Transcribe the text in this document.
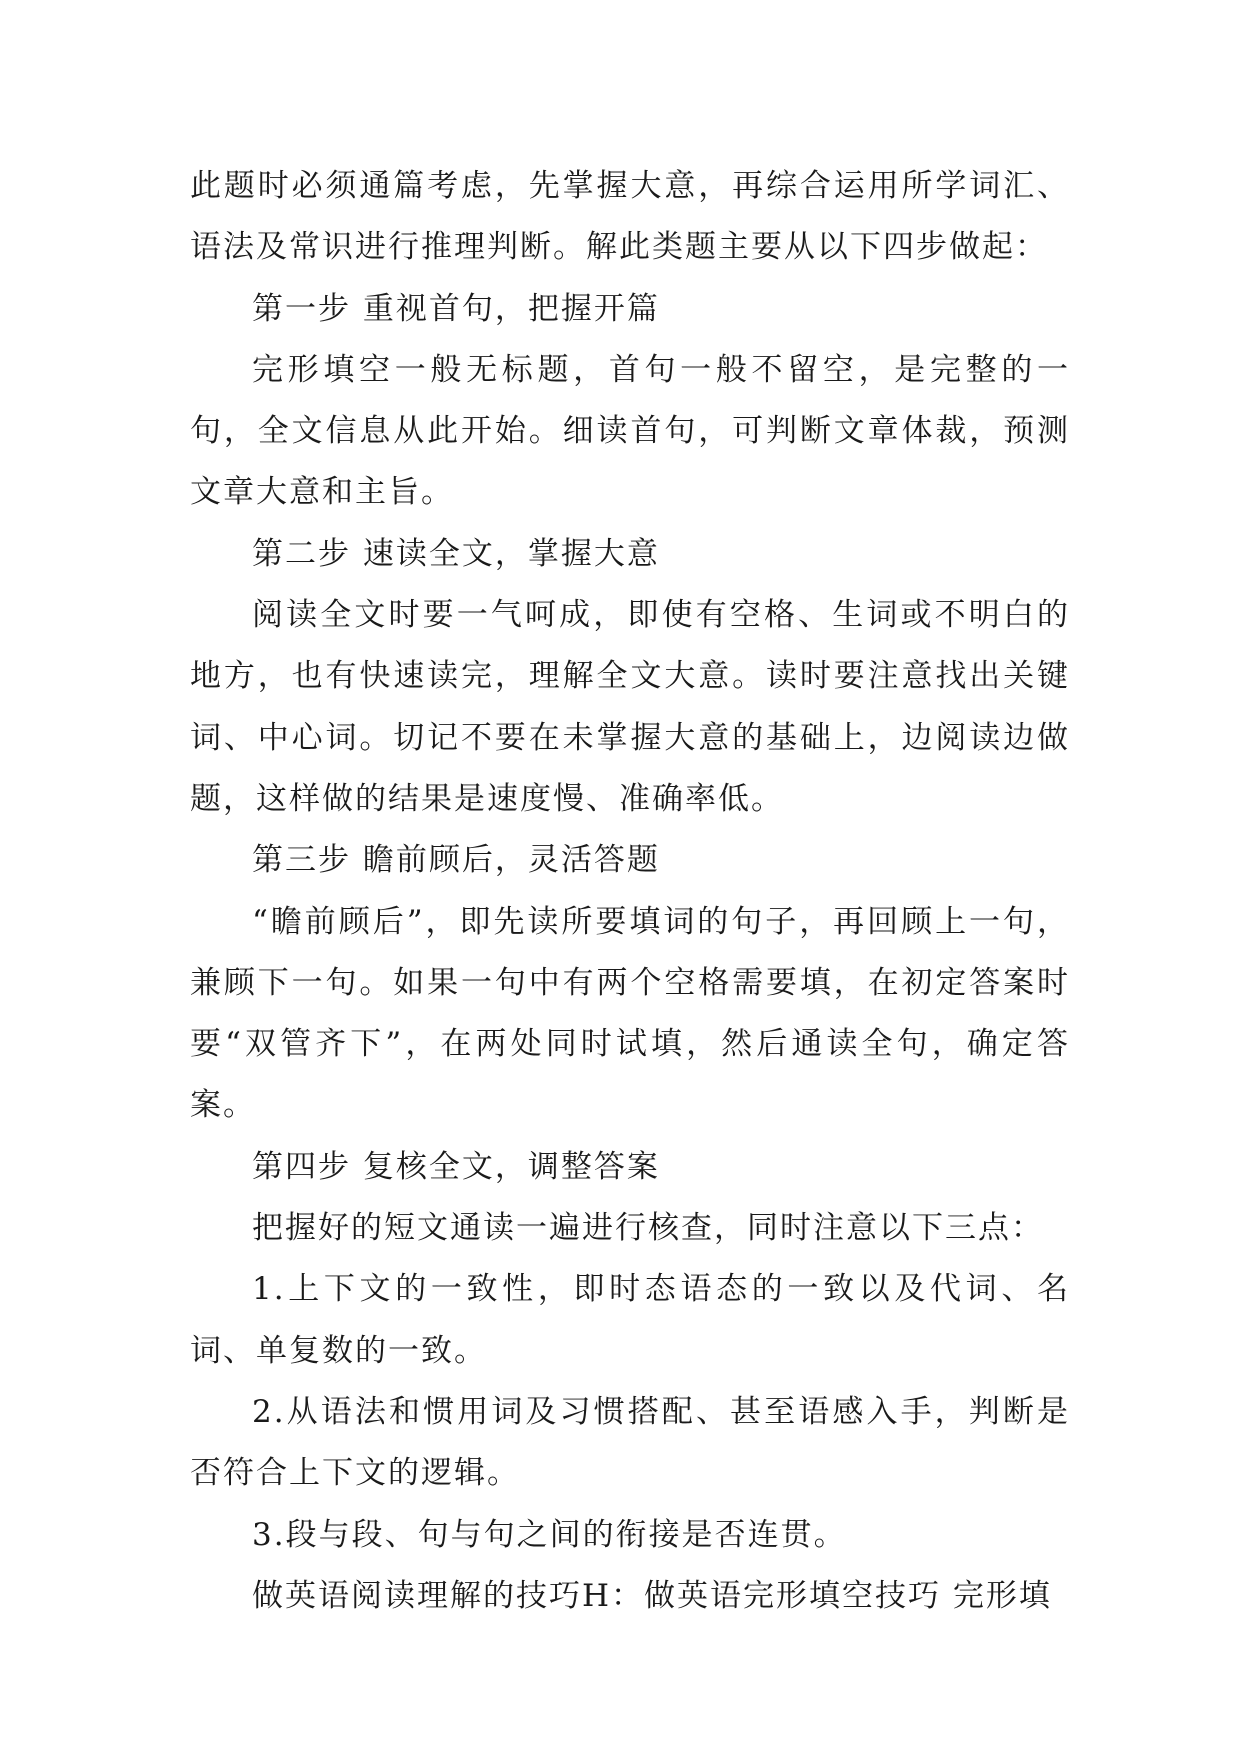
此题时必须通篇考虑，先掌握大意，再综合运用所学词汇、语法及常识进行推理判断。解此类题主要从以下四步做起：

第一步 重视首句，把握开篇

完形填空一般无标题，首句一般不留空，是完整的一句，全文信息从此开始。细读首句，可判断文章体裁，预测文章大意和主旨。

第二步 速读全文，掌握大意

阅读全文时要一气呵成，即使有空格、生词或不明白的地方，也有快速读完，理解全文大意。读时要注意找出关键词、中心词。切记不要在未掌握大意的基础上，边阅读边做题，这样做的结果是速度慢、准确率低。

第三步 瞻前顾后，灵活答题

“瞻前顾后”，即先读所要填词的句子，再回顾上一句，兼顾下一句。如果一句中有两个空格需要填，在初定答案时要“双管齐下”，在两处同时试填，然后通读全句，确定答案。

第四步 复核全文，调整答案

把握好的短文通读一遍进行核查，同时注意以下三点：

1.上下文的一致性，即时态语态的一致以及代词、名词、单复数的一致。

2.从语法和惯用词及习惯搭配、甚至语感入手，判断是否符合上下文的逻辑。

3.段与段、句与句之间的衔接是否连贯。

做英语阅读理解的技巧H：做英语完形填空技巧 完形填
